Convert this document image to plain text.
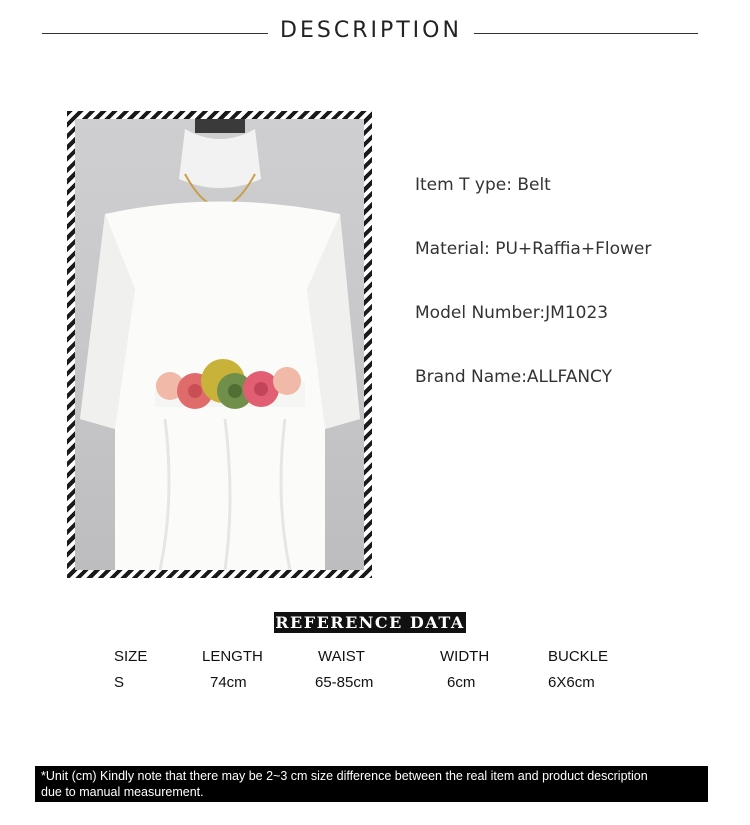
DESCRIPTION
Item T ype: Belt
Material: PU+Raffia+Flower
Model Number:JM1023
Brand Name:ALLFANCY
REFERENCE DATA
SIZE	LENGTH	WAIST	WIDTH	BUCKLE
S	74cm	65-85cm	6cm	6X6cm
*Unit (cm) Kindly note that there may be 2~3 cm size difference between the real item and product description
due to manual measurement.
